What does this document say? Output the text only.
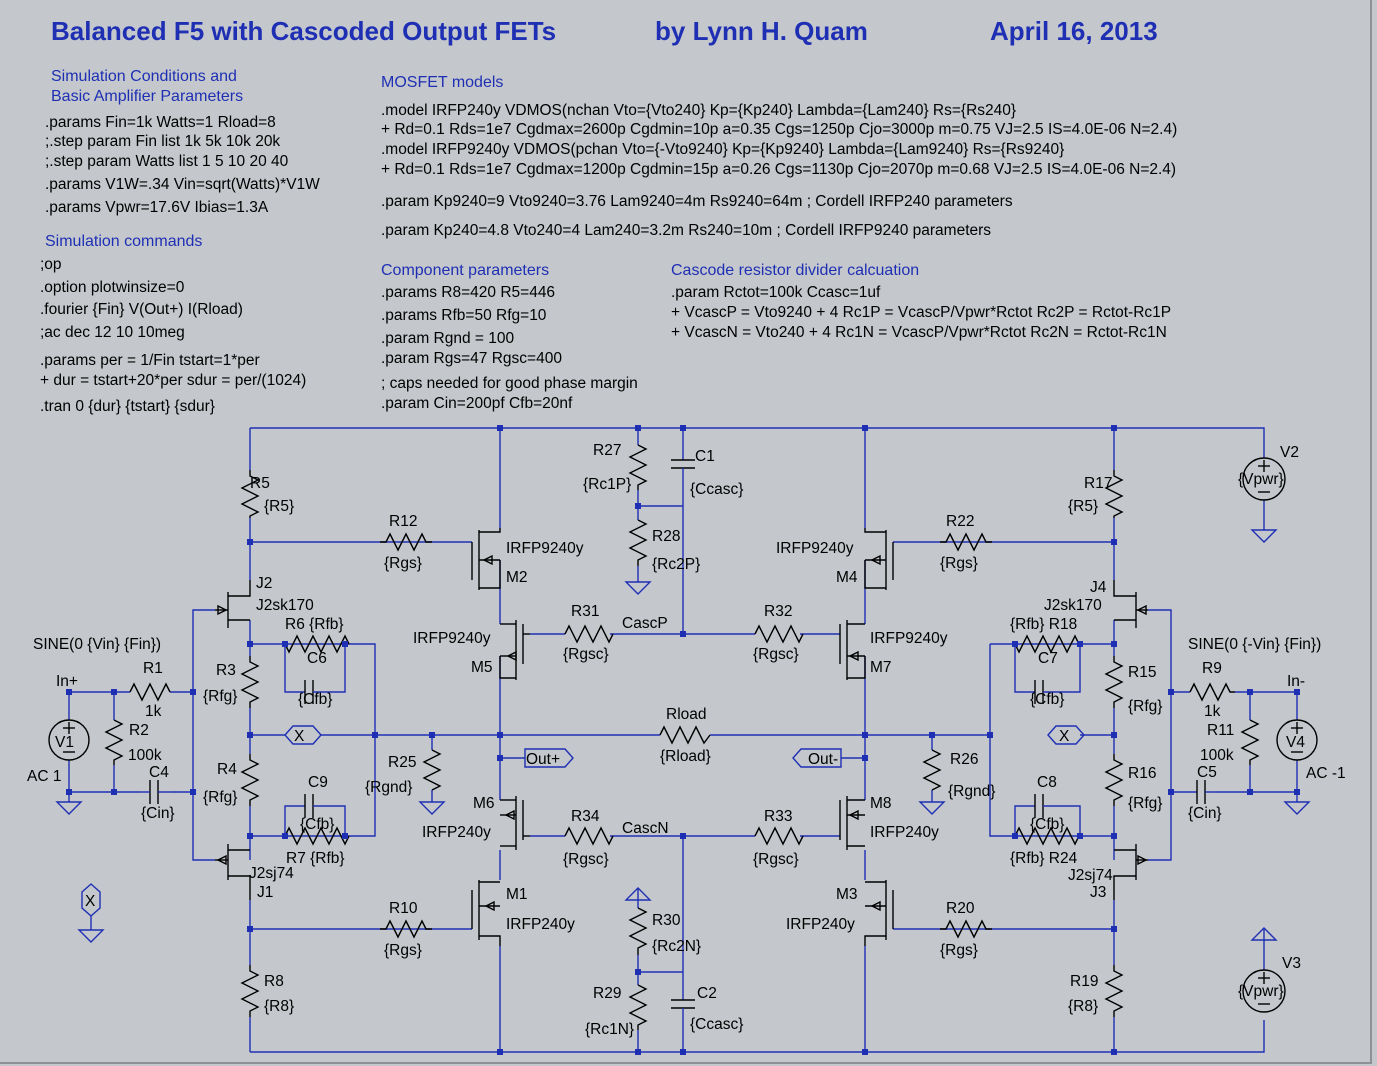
Balanced F5 with Cascoded Output FETs	by Lynn H. Quam	April 16, 2013
Simulation Conditions and
Basic Amplifier Parameters
.params Fin=1k Watts=1 Rload=8
;.step param Fin list 1k 5k 10k 20k
;.step param Watts list 1 5 10 20 40
.params V1W=.34 Vin=sqrt(Watts)*V1W
.params Vpwr=17.6V Ibias=1.3A
Simulation commands
;op
.option plotwinsize=0
.fourier {Fin} V(Out+) I(Rload)
;ac dec 12 10 10meg
.params per = 1/Fin tstart=1*per
+ dur = tstart+20*per sdur = per/(1024)
.tran 0 {dur} {tstart} {sdur}
MOSFET models
.model IRFP240y VDMOS(nchan Vto={Vto240} Kp={Kp240} Lambda={Lam240} Rs={Rs240}
+ Rd=0.1 Rds=1e7 Cgdmax=2600p Cgdmin=10p a=0.35 Cgs=1250p Cjo=3000p m=0.75 VJ=2.5 IS=4.0E-06 N=2.4)
.model IRFP9240y VDMOS(pchan Vto={-Vto9240} Kp={Kp9240} Lambda={Lam9240} Rs={Rs9240}
+ Rd=0.1 Rds=1e7 Cgdmax=1200p Cgdmin=15p a=0.26 Cgs=1130p Cjo=2070p m=0.68 VJ=2.5 IS=4.0E-06 N=2.4)
.param Kp9240=9 Vto9240=3.76 Lam9240=4m Rs9240=64m ; Cordell IRFP240 parameters
.param Kp240=4.8 Vto240=4 Lam240=3.2m Rs240=10m ; Cordell IRFP9240 parameters
Component parameters
.params R8=420 R5=446
.params Rfb=50 Rfg=10
.param Rgnd = 100
.param Rgs=47 Rgsc=400
; caps needed for good phase margin
.param Cin=200pf Cfb=20nf
Cascode resistor divider calcuation
.param Rctot=100k Ccasc=1uf
+ VcascP = Vto9240 + 4 Rc1P = VcascP/Vpwr*Rctot Rc2P = Rctot-Rc1P
+ VcascN = Vto240 + 4 Rc1N = VcascP/Vpwr*Rctot Rc2N = Rctot-Rc1N
Out+	Out-
X	X
X
R5
{R5}
R12
{Rgs}
IRFP9240y
M2
J2
J2sk170
R6 {Rfb}
C6
{Cfb}
SINE(0 {Vin} {Fin})
R1
1k
R3
{Rfg}
In+
R2
100k
V1
AC 1	C4
{Cin}
R4
{Rfg}
R25
{Rgnd}
C9
{Cfb}
R7 {Rfb}
J2sj74
J1
R10
{Rgs}
R8
{R8}
R27
{Rc1P}
C1
{Ccasc}
R28
{Rc2P}
IRFP9240y
M5
R31
{Rgsc}
CascP
R32
{Rgsc}
Rload
{Rload}
M6
IRFP240y
R34
{Rgsc}
CascN
R33
{Rgsc}
M1
IRFP240y	R30
{Rc2N}
R29
{Rc1N}
C2
{Ccasc}
IRFP9240y
M4
IRFP9240y
M7
M8
IRFP240y
M3
IRFP240y
R22
{Rgs}
R17
{R5}
J4
J2sk170
{Rfb} R18
C7
{Cfb}
R15
{Rfg}
SINE(0 {-Vin} {Fin})
R9
1k
In-
R11
100k
V4
AC -1
R26
{Rgnd}
C8
{Cfb}
R16
{Rfg}
C5
{Cin}
{Rfb} R24
J2sj74
J3
R20
{Rgs}
R19
{R8}
V2
{Vpwr}
V3
{Vpwr}
